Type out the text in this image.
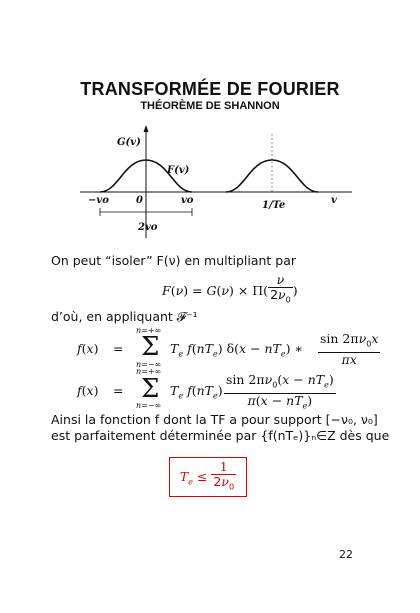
TRANSFORMÉE DE FOURIER
THÉORÈME DE SHANNON
G(v)
F(v)
−vo	0	vo	1/Te	v
2vo
On peut “isoler” F(ν) en multipliant par
F ( ν ) = G ( ν ) × $\Pi( \frac{\nu}{2\nu_0}$ )
d’où, en appliquant 𝓕⁻¹
f(x) =
n=+∞
Σ
n=−∞
$T_e$ $f(nT_e) \delta(x - nT_e)$ ∗ $\frac{\sin 2\pi\nu_0x}{\pi x}$
f(x) =
n=+∞
Σ
n=−∞
$T_e$ $f(nT_e) \frac{\sin 2\pi\nu_0(x - nT_e)}{\pi(x - nT_e)}$
Ainsi la fonction f dont la TF a pour support [−ν₀, ν₀]
est parfaitement déterminée par {f(nTₑ)}ₙ∈Z dès que
$T_e \le \frac{1}{2\nu_0}$
22
